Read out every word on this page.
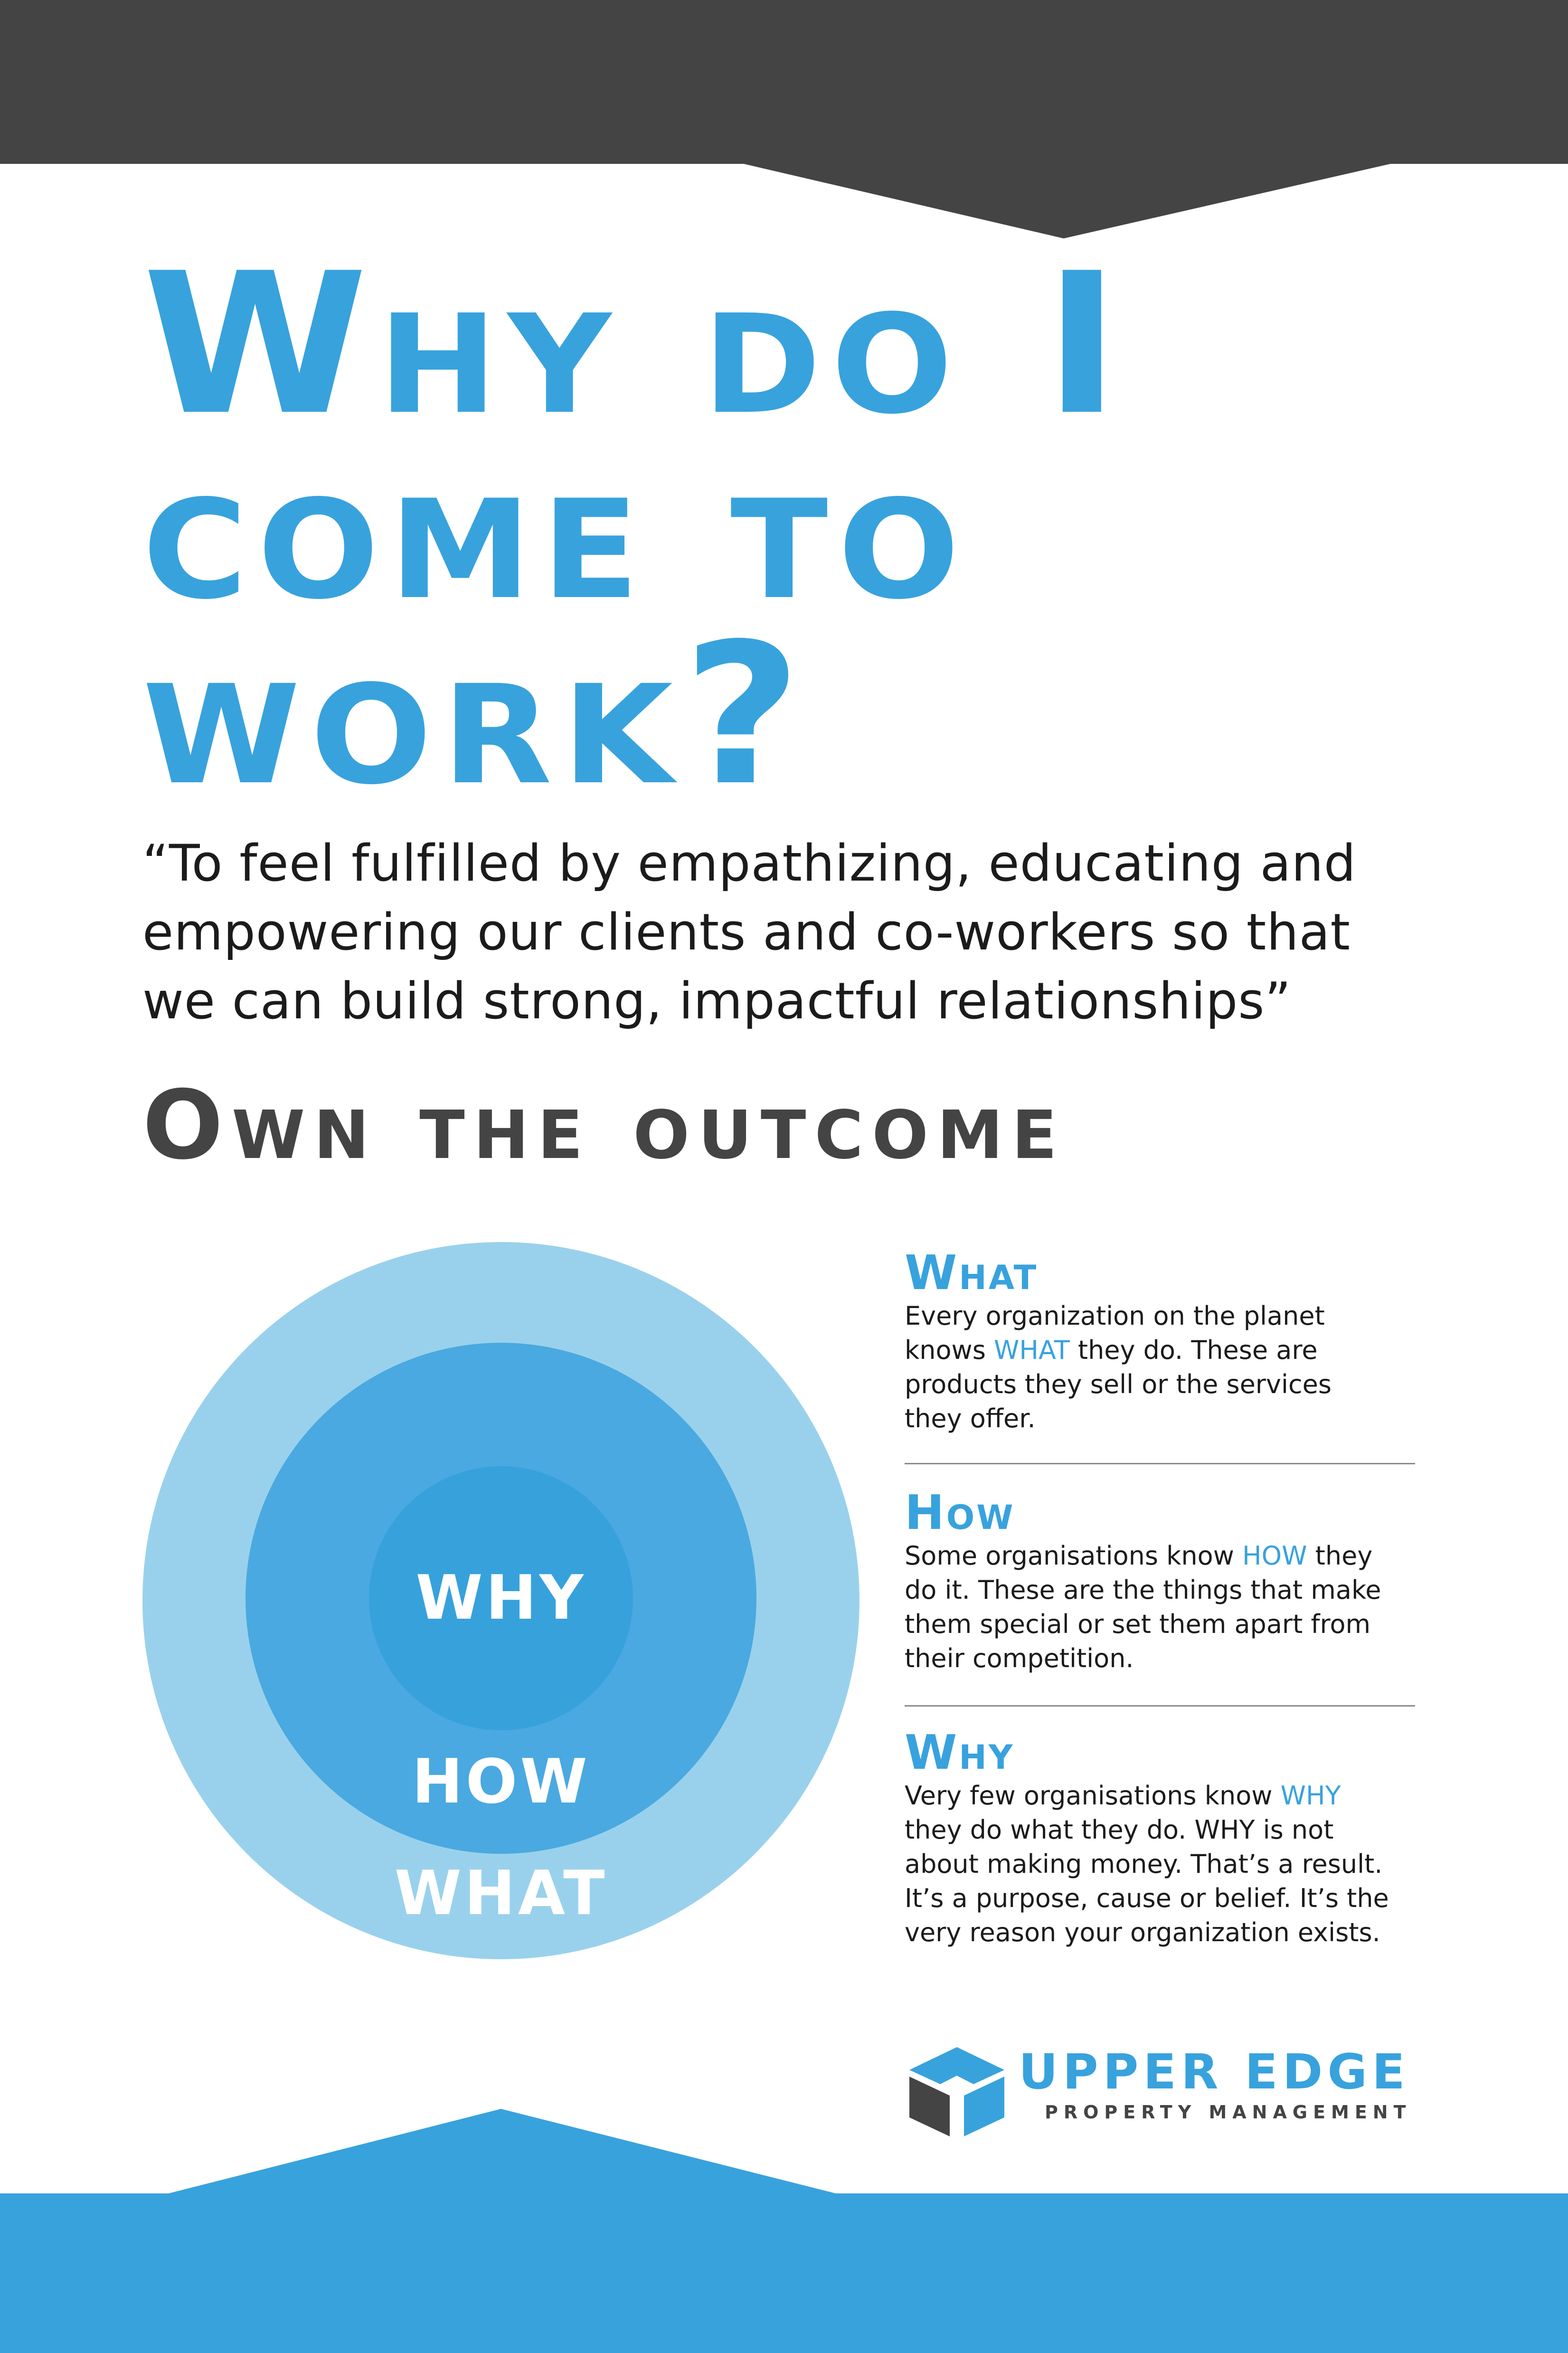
Why do I
come to
work?
“To feel fulfilled by empathizing, educating and
empowering our clients and co-workers so that
we can build strong, impactful relationships”
Own the outcome
WHY
HOW
WHAT
What

Every organization on the planet
knows WHAT they do. These are
products they sell or the services
they offer.

How

Some organisations know HOW they
do it. These are the things that make
them special or set them apart from
their competition.

Why

Very few organisations know WHY
they do what they do. WHY is not
about making money. That’s a result.
It’s a purpose, cause or belief. It’s the
very reason your organization exists.

UPPER EDGE
PROPERTY MANAGEMENT
